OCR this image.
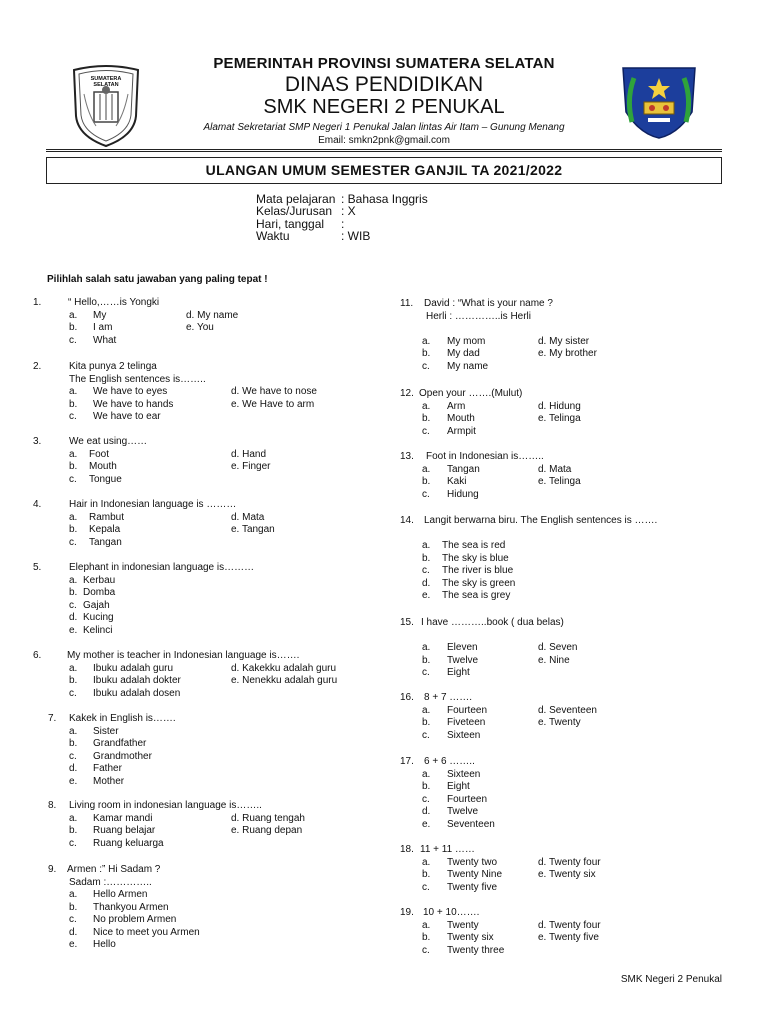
SUMATERA SELATAN
PEMERINTAH PROVINSI SUMATERA SELATAN
DINAS PENDIDIKAN
SMK NEGERI 2 PENUKAL
Alamat Sekretariat SMP Negeri 1 Penukal Jalan lintas Air Itam – Gunung Menang
Email: smkn2pnk@gmail.com
ULANGAN UMUM SEMESTER GANJIL TA 2021/2022
Mata pelajaran : Bahasa Inggris
Kelas/Jurusan : X
Hari, tanggal :
Waktu	: WIB
Pilihlah salah satu jawaban yang paling tepat !
1.	“ Hello,……is Yongki
a. My	d. My name
b. I am	e. You
c. What
2.	Kita punya 2 telinga
The English sentences is……..
a. We have to eyes	d. We have to nose
b. We have to hands	e. We Have to arm
c. We have to ear
3.	We eat using……
a. Foot	d. Hand
b. Mouth	e. Finger
c. Tongue
4.	Hair in Indonesian language is ………
a. Rambut	d. Mata
b. Kepala	e. Tangan
c. Tangan
5.	Elephant in indonesian language is………
a. Kerbau
b. Domba
c. Gajah
d. Kucing
e. Kelinci
6.	My mother is teacher in Indonesian language is…….
a. Ibuku adalah guru	d. Kakekku adalah guru
b. Ibuku adalah dokter	e. Nenekku adalah guru
c. Ibuku adalah dosen
7. Kakek in English is…….
a. Sister
b. Grandfather
c. Grandmother
d. Father
e. Mother
8. Living room in indonesian language is……..
a. Kamar mandi	d. Ruang tengah
b. Ruang belajar	e. Ruang depan
c. Ruang keluarga
9. Armen :” Hi Sadam ?
Sadam :…………..
a. Hello Armen
b. Thankyou Armen
c. No problem Armen
d. Nice to meet you Armen
e. Hello
11. David : “What is your name ?
Herli : …………..is Herli
a. My mom	d. My sister
b. My dad	e. My brother
c. My name
12. Open your …….(Mulut)
a. Arm	d. Hidung
b. Mouth	e. Telinga
c. Armpit
13. Foot in Indonesian is……..
a. Tangan	d. Mata
b. Kaki	e. Telinga
c. Hidung
14. Langit berwarna biru. The English sentences is …….
a. The sea is red
b. The sky is blue
c. The river is blue
d. The sky is green
e. The sea is grey
15. I have ………..book ( dua belas)
a. Eleven	d. Seven
b. Twelve	e. Nine
c. Eight
16. 8 + 7 …….
a. Fourteen	d. Seventeen
b. Fiveteen	e. Twenty
c. Sixteen
17. 6 + 6 ……..
a. Sixteen
b. Eight
c. Fourteen
d. Twelve
e. Seventeen
18. 11 + 11 ……
a. Twenty two	d. Twenty four
b. Twenty Nine	e. Twenty six
c. Twenty five
19. 10 + 10…….
a. Twenty	d. Twenty four
b. Twenty six	e. Twenty five
c. Twenty three
SMK Negeri 2 Penukal
